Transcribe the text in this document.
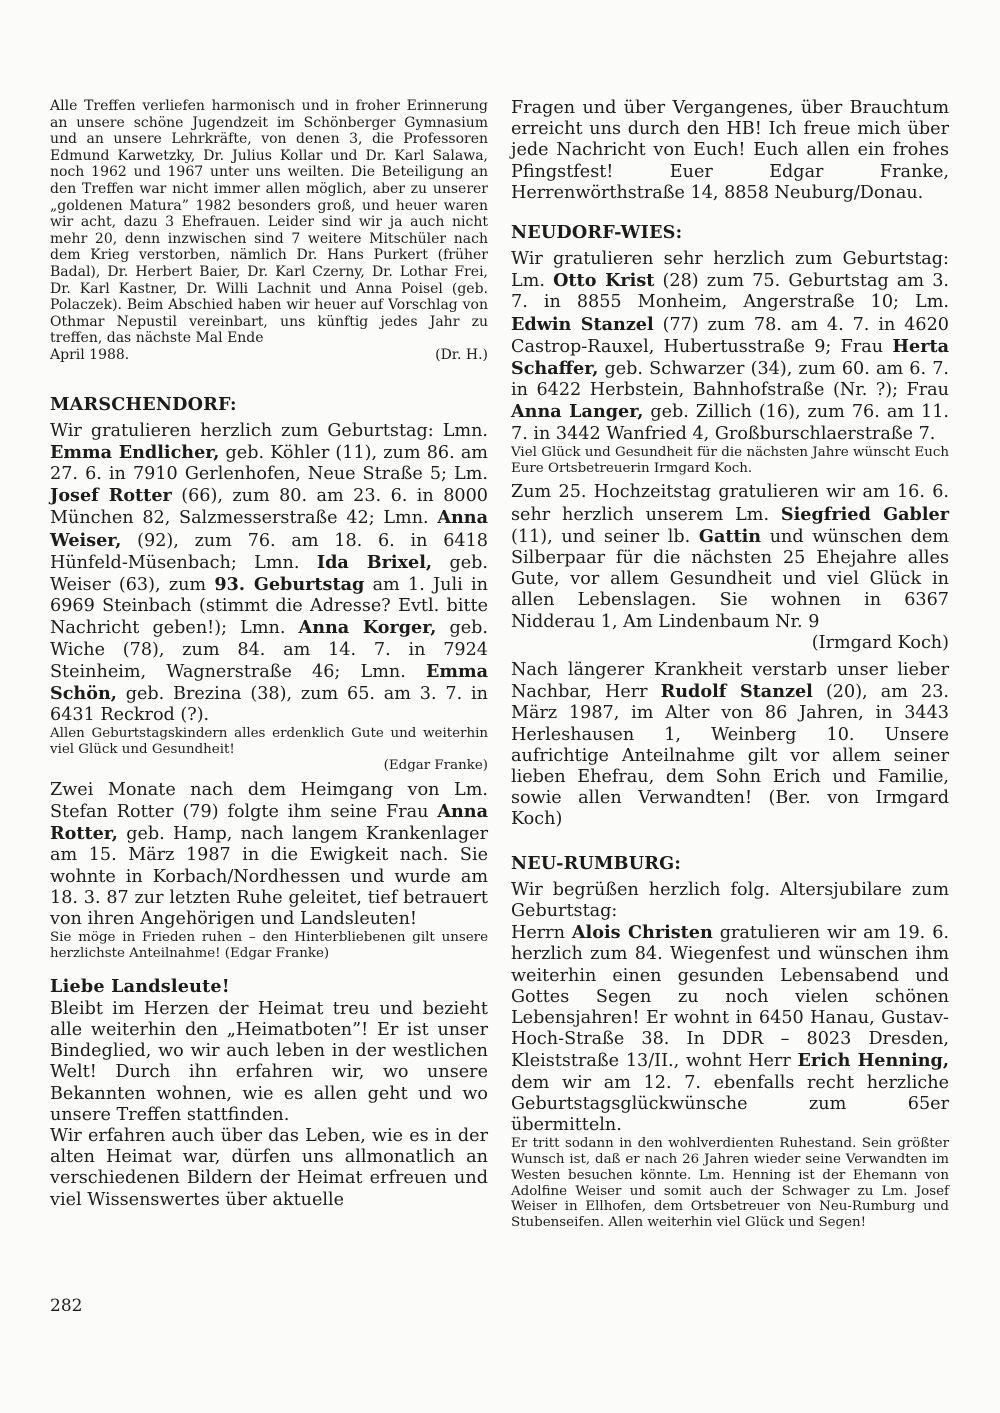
Alle Treffen verliefen harmonisch und in froher Erinnerung an unsere schöne Jugendzeit im Schönberger Gymnasium und an unsere Lehrkräfte, von denen 3, die Professoren Edmund Karwetzky, Dr. Julius Kollar und Dr. Karl Salawa, noch 1962 und 1967 unter uns weilten. Die Beteiligung an den Treffen war nicht immer allen möglich, aber zu unserer „goldenen Matura” 1982 besonders groß, und heuer waren wir acht, dazu 3 Ehefrauen. Leider sind wir ja auch nicht mehr 20, denn inzwischen sind 7 weitere Mitschüler nach dem Krieg verstorben, nämlich Dr. Hans Purkert (früher Badal), Dr. Herbert Baier, Dr. Karl Czerny, Dr. Lothar Frei, Dr. Karl Kastner, Dr. Willi Lachnit und Anna Poisel (geb. Polaczek). Beim Abschied haben wir heuer auf Vorschlag von Othmar Nepustil vereinbart, uns künftig jedes Jahr zu treffen, das nächste Mal Ende

April 1988.	(Dr. H.)
MARSCHENDORF:

Wir gratulieren herzlich zum Geburtstag: Lmn. Emma Endlicher, geb. Köhler (11), zum 86. am 27. 6. in 7910 Gerlenhofen, Neue Straße 5; Lm. Josef Rotter (66), zum 80. am 23. 6. in 8000 München 82, Salzmesserstraße 42; Lmn. Anna Weiser, (92), zum 76. am 18. 6. in 6418 Hünfeld-Müsenbach; Lmn. Ida Brixel, geb. Weiser (63), zum 93. Geburtstag am 1. Juli in 6969 Steinbach (stimmt die Adresse? Evtl. bitte Nachricht geben!); Lmn. Anna Korger, geb. Wiche (78), zum 84. am 14. 7. in 7924 Steinheim, Wagnerstraße 46; Lmn. Emma Schön, geb. Brezina (38), zum 65. am 3. 7. in 6431 Reckrod (?).

Allen Geburtstagskindern alles erdenklich Gute und weiterhin viel Glück und Gesundheit!

(Edgar Franke)

Zwei Monate nach dem Heimgang von Lm. Stefan Rotter (79) folgte ihm seine Frau Anna Rotter, geb. Hamp, nach langem Krankenlager am 15. März 1987 in die Ewigkeit nach. Sie wohnte in Korbach/Nordhessen und wurde am 18. 3. 87 zur letzten Ruhe geleitet, tief betrauert von ihren Angehörigen und Landsleuten!

Sie möge in Frieden ruhen – den Hinterbliebenen gilt unsere herzlichste Anteilnahme! (Edgar Franke)

Liebe Landsleute!

Bleibt im Herzen der Heimat treu und bezieht alle weiterhin den „Heimatboten”! Er ist unser Bindeglied, wo wir auch leben in der westlichen Welt! Durch ihn erfahren wir, wo unsere Bekannten wohnen, wie es allen geht und wo unsere Treffen stattfinden.

Wir erfahren auch über das Leben, wie es in der alten Heimat war, dürfen uns allmonatlich an verschiedenen Bildern der Heimat erfreuen und viel Wissenswertes über aktuelle

Fragen und über Vergangenes, über Brauchtum erreicht uns durch den HB! Ich freue mich über jede Nachricht von Euch! Euch allen ein frohes Pfingstfest! Euer Edgar Franke, Herrenwörthstraße 14, 8858 Neuburg/Donau.

NEUDORF-WIES:

Wir gratulieren sehr herzlich zum Geburtstag: Lm. Otto Krist (28) zum 75. Geburtstag am 3. 7. in 8855 Monheim, Angerstraße 10; Lm. Edwin Stanzel (77) zum 78. am 4. 7. in 4620 Castrop-Rauxel, Hubertusstraße 9; Frau Herta Schaffer, geb. Schwarzer (34), zum 60. am 6. 7. in 6422 Herbstein, Bahnhofstraße (Nr. ?); Frau Anna Langer, geb. Zillich (16), zum 76. am 11. 7. in 3442 Wanfried 4, Großburschlaerstraße 7.

Viel Glück und Gesundheit für die nächsten Jahre wünscht Euch Eure Ortsbetreuerin Irmgard Koch.

Zum 25. Hochzeitstag gratulieren wir am 16. 6. sehr herzlich unserem Lm. Siegfried Gabler (11), und seiner lb. Gattin und wünschen dem Silberpaar für die nächsten 25 Ehejahre alles Gute, vor allem Gesundheit und viel Glück in allen Lebenslagen. Sie wohnen in 6367 Nidderau 1, Am Lindenbaum Nr. 9

(Irmgard Koch)

Nach längerer Krankheit verstarb unser lieber Nachbar, Herr Rudolf Stanzel (20), am 23. März 1987, im Alter von 86 Jahren, in 3443 Herleshausen 1, Weinberg 10. Unsere aufrichtige Anteilnahme gilt vor allem seiner lieben Ehefrau, dem Sohn Erich und Familie, sowie allen Verwandten! (Ber. von Irmgard Koch)

NEU-RUMBURG:

Wir begrüßen herzlich folg. Altersjubilare zum Geburtstag:

Herrn Alois Christen gratulieren wir am 19. 6. herzlich zum 84. Wiegenfest und wünschen ihm weiterhin einen gesunden Lebensabend und Gottes Segen zu noch vielen schönen Lebensjahren! Er wohnt in 6450 Hanau, Gustav-Hoch-Straße 38. In DDR – 8023 Dresden, Kleiststraße 13/II., wohnt Herr Erich Henning, dem wir am 12. 7. ebenfalls recht herzliche Geburtstagsglückwünsche zum 65er übermitteln.

Er tritt sodann in den wohlverdienten Ruhestand. Sein größter Wunsch ist, daß er nach 26 Jahren wieder seine Verwandten im Westen besuchen könnte. Lm. Henning ist der Ehemann von Adolfine Weiser und somit auch der Schwager zu Lm. Josef Weiser in Ellhofen, dem Ortsbetreuer von Neu-Rumburg und Stubenseifen. Allen weiterhin viel Glück und Segen!

282
